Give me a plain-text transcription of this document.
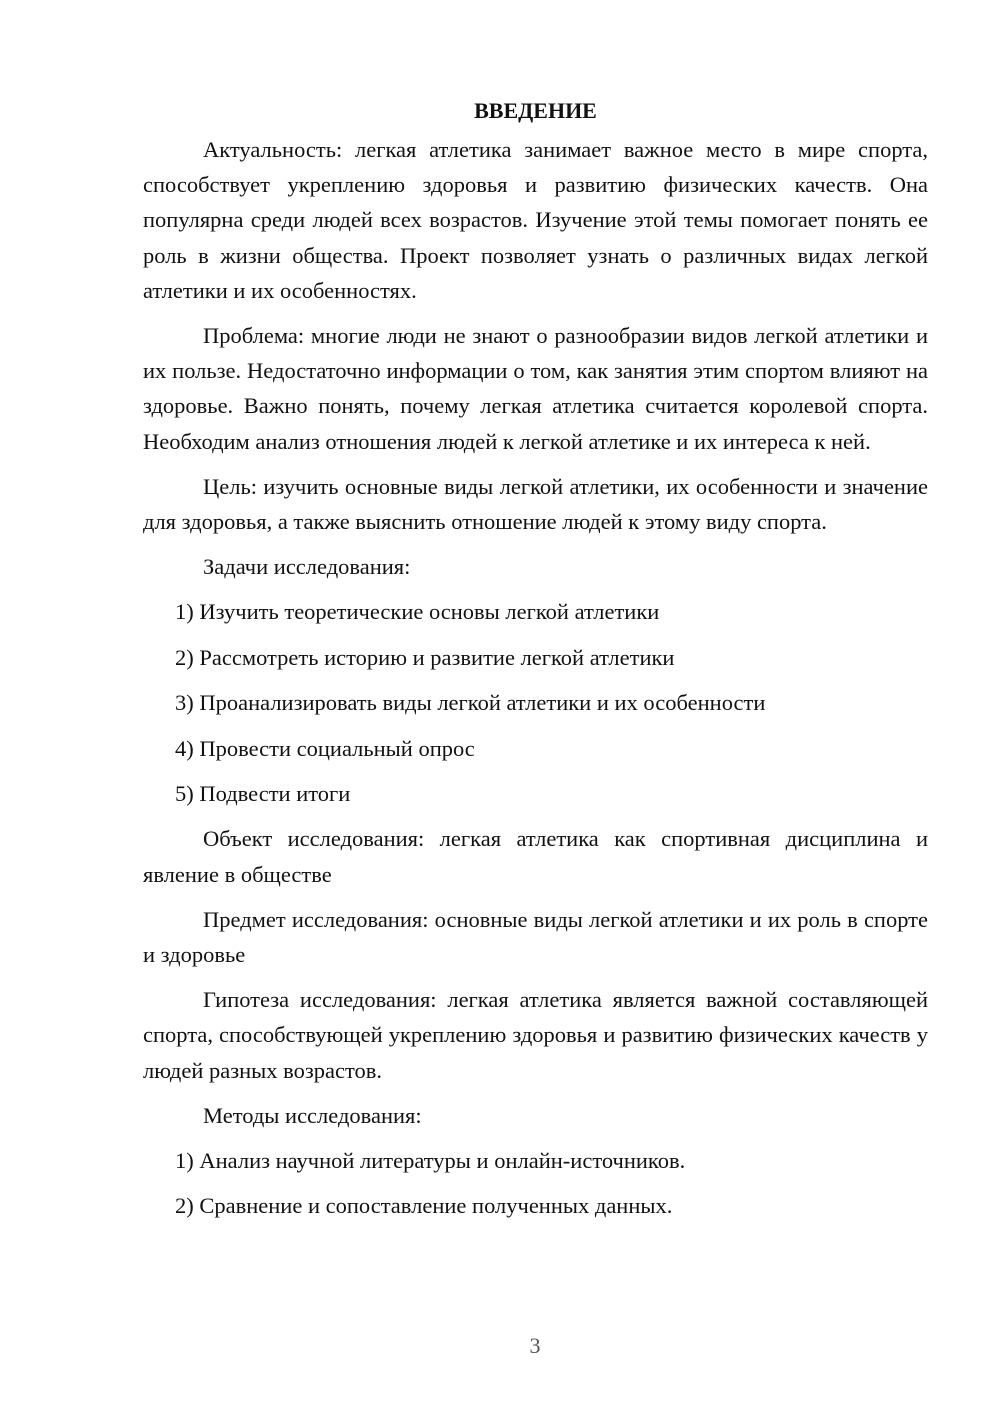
ВВЕДЕНИЕ

Актуальность: легкая атлетика занимает важное место в мире спорта, способствует укреплению здоровья и развитию физических качеств. Она популярна среди людей всех возрастов. Изучение этой темы помогает понять ее роль в жизни общества. Проект позволяет узнать о различных видах легкой атлетики и их особенностях.

Проблема: многие люди не знают о разнообразии видов легкой атлетики и их пользе. Недостаточно информации о том, как занятия этим спортом влияют на здоровье. Важно понять, почему легкая атлетика считается королевой спорта. Необходим анализ отношения людей к легкой атлетике и их интереса к ней.

Цель: изучить основные виды легкой атлетики, их особенности и значение для здоровья, а также выяснить отношение людей к этому виду спорта.

Задачи исследования:

1) Изучить теоретические основы легкой атлетики
2) Рассмотреть историю и развитие легкой атлетики
3) Проанализировать виды легкой атлетики и их особенности
4) Провести социальный опрос
5) Подвести итоги

Объект исследования: легкая атлетика как спортивная дисциплина и явление в обществе

Предмет исследования: основные виды легкой атлетики и их роль в спорте и здоровье

Гипотеза исследования: легкая атлетика является важной составляющей спорта, способствующей укреплению здоровья и развитию физических качеств у людей разных возрастов.

Методы исследования:

1) Анализ научной литературы и онлайн-источников.
2) Сравнение и сопоставление полученных данных.
3
